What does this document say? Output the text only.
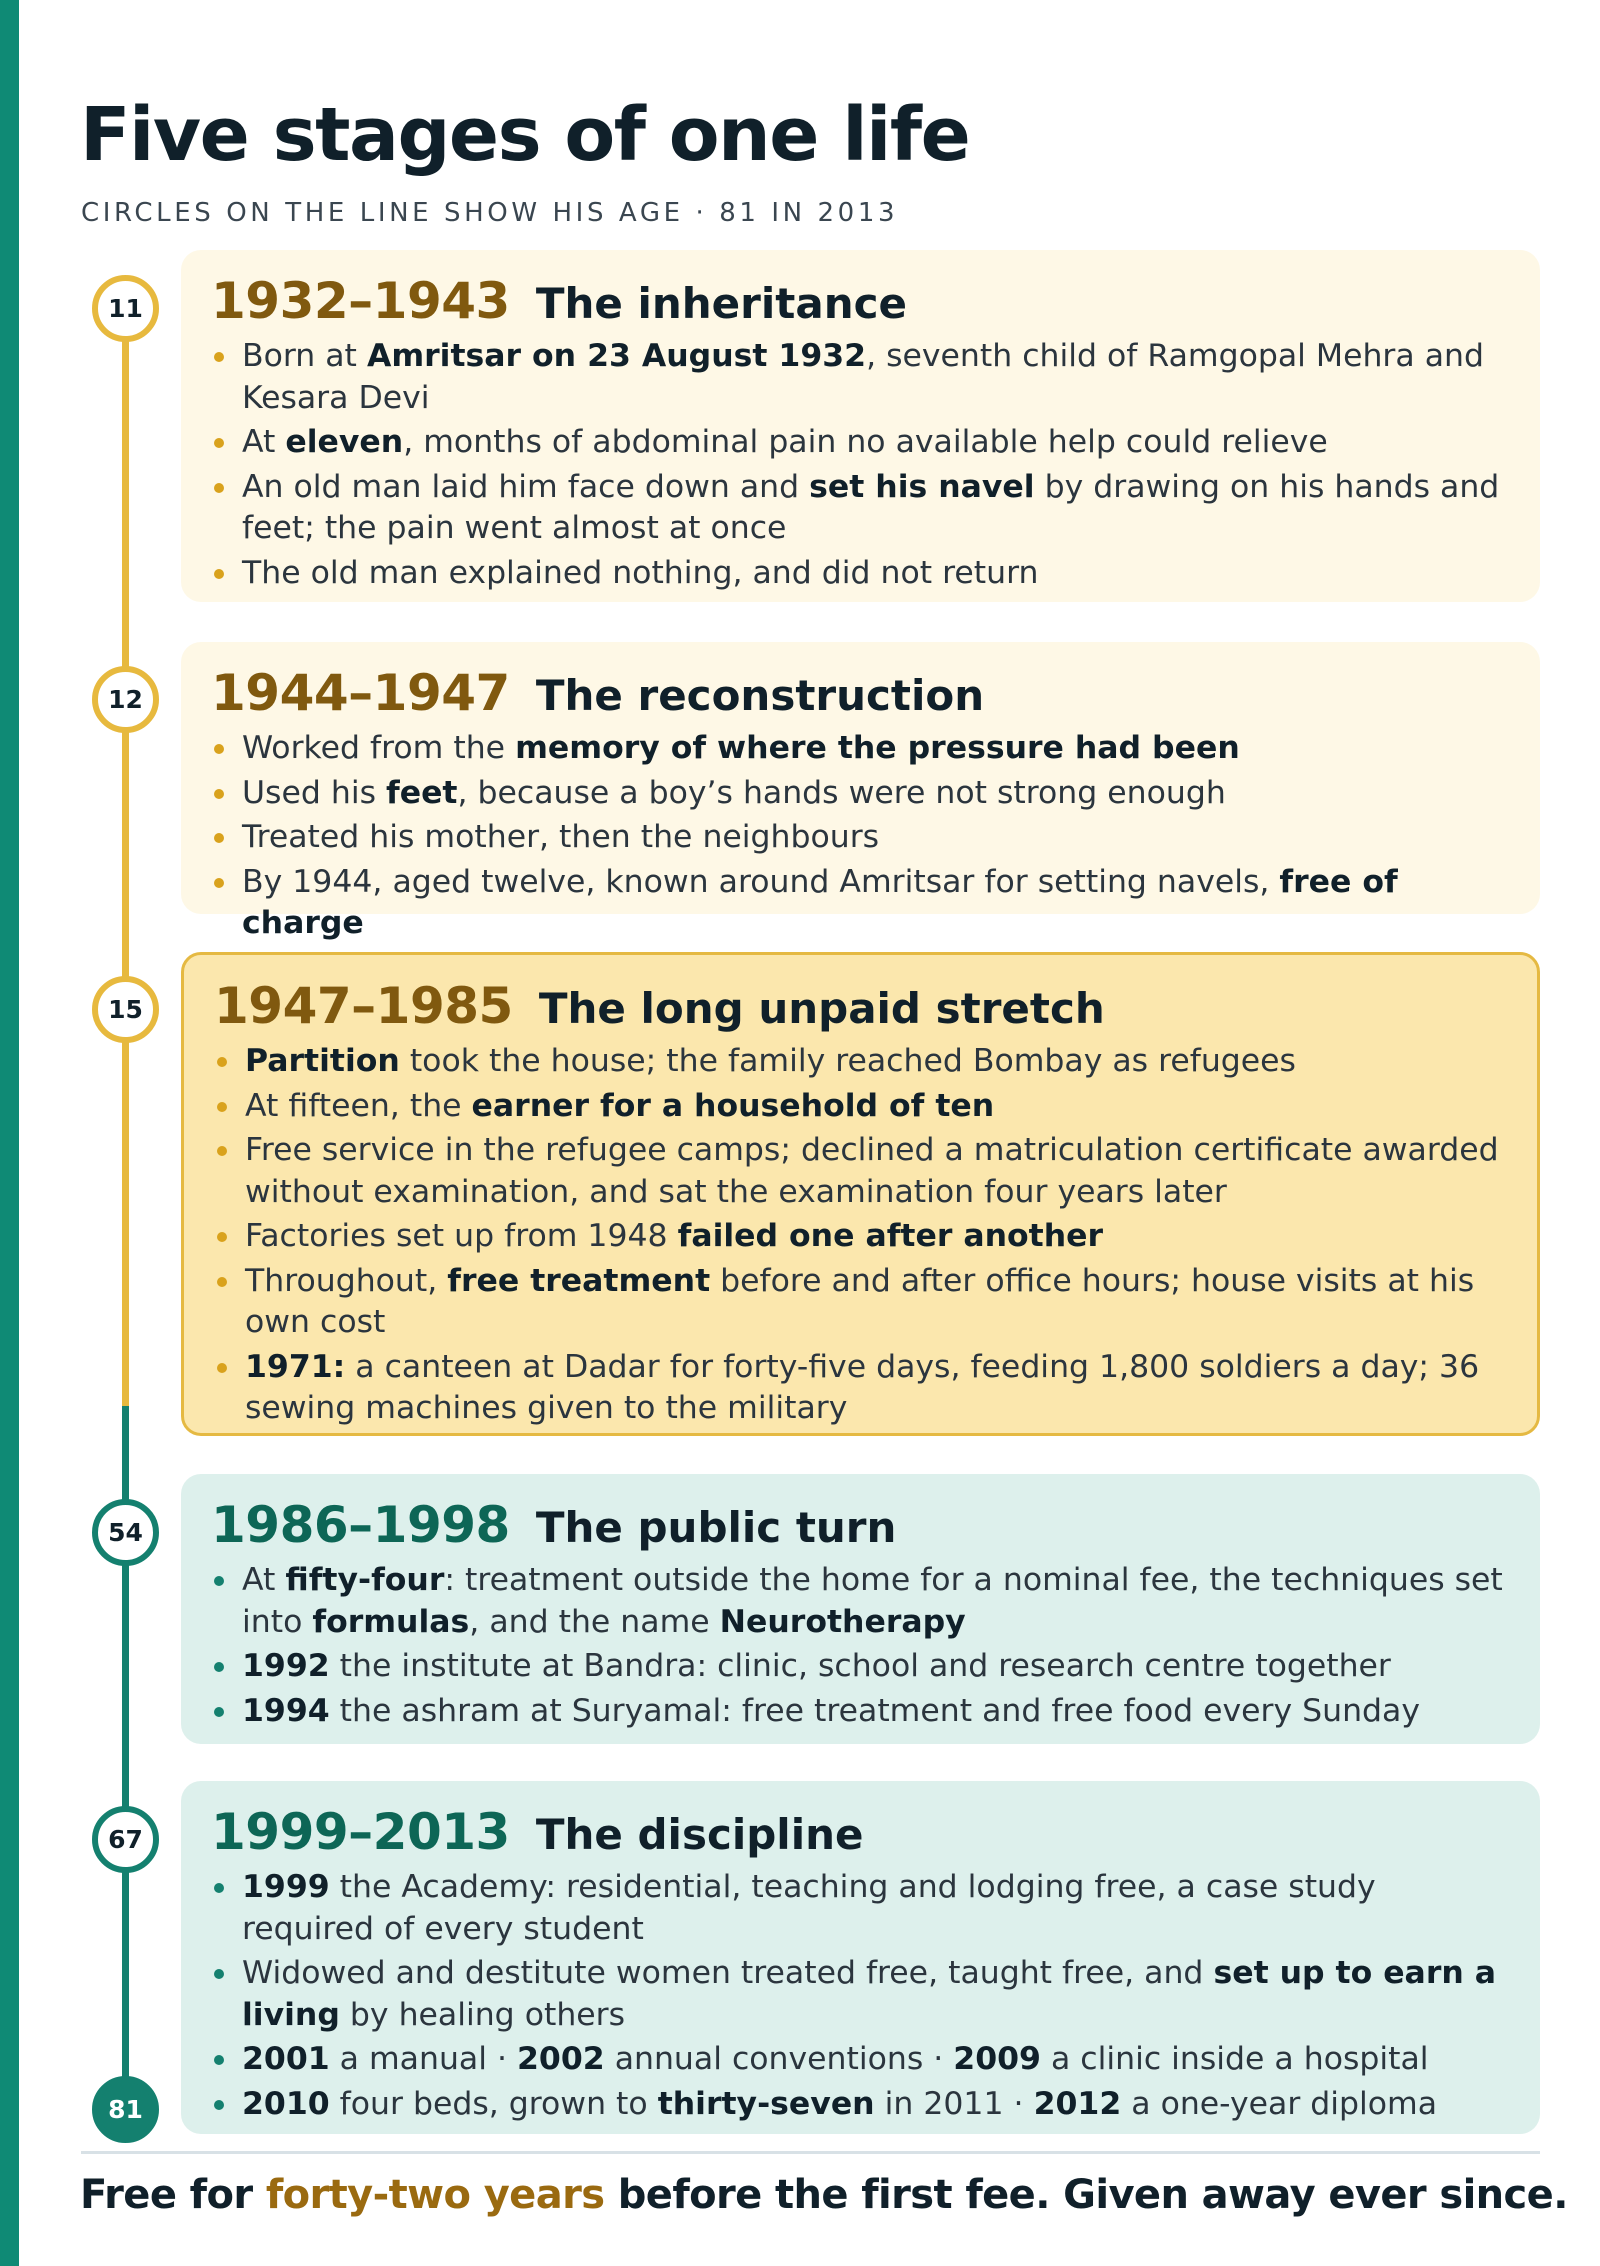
Five stages of one life
CIRCLES ON THE LINE SHOW HIS AGE · 81 IN 2013
11
12
15
54
67
81
1932–1943 The inheritance
Born at Amritsar on 23 August 1932, seventh child of Ramgopal Mehra and Kesara Devi
At eleven, months of abdominal pain no available help could relieve
An old man laid him face down and set his navel by drawing on his hands and feet; the pain went almost at once
The old man explained nothing, and did not return
1944–1947 The reconstruction
Worked from the memory of where the pressure had been
Used his feet, because a boy’s hands were not strong enough
Treated his mother, then the neighbours
By 1944, aged twelve, known around Amritsar for setting navels, free of charge
1947–1985 The long unpaid stretch
Partition took the house; the family reached Bombay as refugees
At fifteen, the earner for a household of ten
Free service in the refugee camps; declined a matriculation certificate awarded without examination, and sat the examination four years later
Factories set up from 1948 failed one after another
Throughout, free treatment before and after office hours; house visits at his own cost
1971: a canteen at Dadar for forty-five days, feeding 1,800 soldiers a day; 36 sewing machines given to the military
1986–1998 The public turn
At fifty-four: treatment outside the home for a nominal fee, the techniques set into formulas, and the name Neurotherapy
1992 the institute at Bandra: clinic, school and research centre together
1994 the ashram at Suryamal: free treatment and free food every Sunday
1999–2013 The discipline
1999 the Academy: residential, teaching and lodging free, a case study required of every student
Widowed and destitute women treated free, taught free, and set up to earn a living by healing others
2001 a manual · 2002 annual conventions · 2009 a clinic inside a hospital
2010 four beds, grown to thirty-seven in 2011 · 2012 a one-year diploma
Free for forty-two years before the first fee. Given away ever since.
